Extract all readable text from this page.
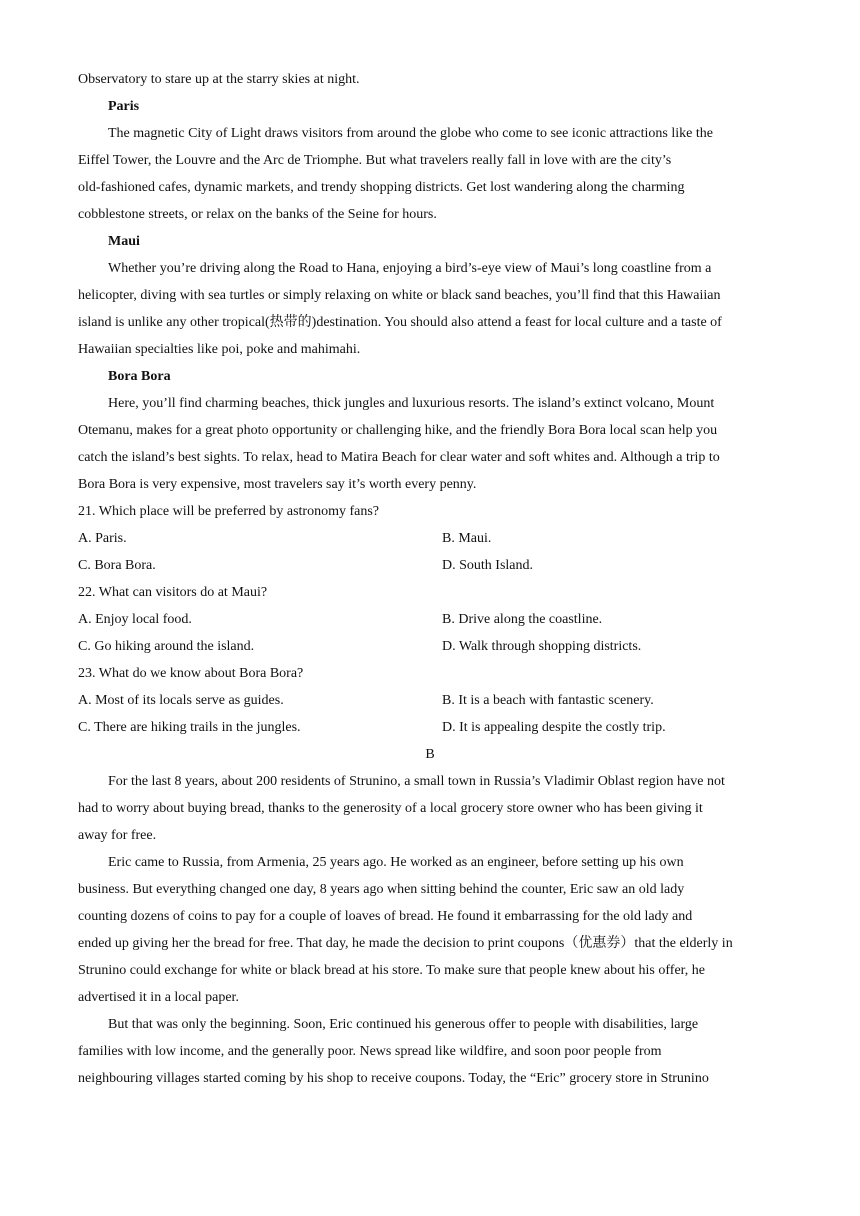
Observatory to stare up at the starry skies at night.
Paris
The magnetic City of Light draws visitors from around the globe who come to see iconic attractions like the
Eiffel Tower, the Louvre and the Arc de Triomphe. But what travelers really fall in love with are the city’s
old-fashioned cafes, dynamic markets, and trendy shopping districts. Get lost wandering along the charming
cobblestone streets, or relax on the banks of the Seine for hours.
Maui
Whether you’re driving along the Road to Hana, enjoying a bird’s-eye view of Maui’s long coastline from a
helicopter, diving with sea turtles or simply relaxing on white or black sand beaches, you’ll find that this Hawaiian
island is unlike any other tropical(热带的)destination. You should also attend a feast for local culture and a taste of
Hawaiian specialties like poi, poke and mahimahi.
Bora Bora
Here, you’ll find charming beaches, thick jungles and luxurious resorts. The island’s extinct volcano, Mount
Otemanu, makes for a great photo opportunity or challenging hike, and the friendly Bora Bora local scan help you
catch the island’s best sights. To relax, head to Matira Beach for clear water and soft whites and. Although a trip to
Bora Bora is very expensive, most travelers say it’s worth every penny.
21. Which place will be preferred by astronomy fans?
A. Paris.	B. Maui.
C. Bora Bora.	D. South Island.
22. What can visitors do at Maui?
A. Enjoy local food.	B. Drive along the coastline.
C. Go hiking around the island.	D. Walk through shopping districts.
23. What do we know about Bora Bora?
A. Most of its locals serve as guides.	B. It is a beach with fantastic scenery.
C. There are hiking trails in the jungles.	D. It is appealing despite the costly trip.
B
For the last 8 years, about 200 residents of Strunino, a small town in Russia’s Vladimir Oblast region have not
had to worry about buying bread, thanks to the generosity of a local grocery store owner who has been giving it
away for free.
Eric came to Russia, from Armenia, 25 years ago. He worked as an engineer, before setting up his own
business. But everything changed one day, 8 years ago when sitting behind the counter, Eric saw an old lady
counting dozens of coins to pay for a couple of loaves of bread. He found it embarrassing for the old lady and
ended up giving her the bread for free. That day, he made the decision to print coupons（优惠券）that the elderly in
Strunino could exchange for white or black bread at his store. To make sure that people knew about his offer, he
advertised it in a local paper.
But that was only the beginning. Soon, Eric continued his generous offer to people with disabilities, large
families with low income, and the generally poor. News spread like wildfire, and soon poor people from
neighbouring villages started coming by his shop to receive coupons. Today, the “Eric” grocery store in Strunino
